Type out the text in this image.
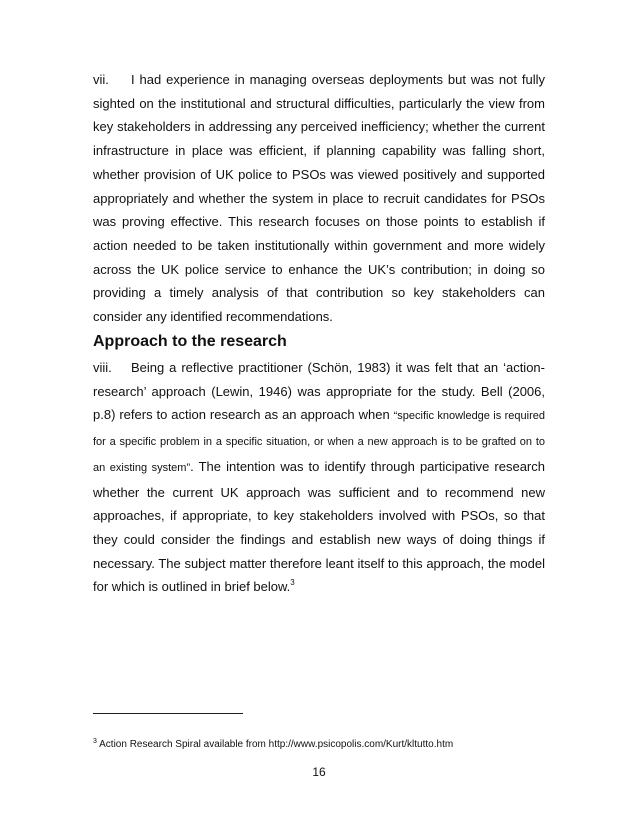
vii. I had experience in managing overseas deployments but was not fully sighted on the institutional and structural difficulties, particularly the view from key stakeholders in addressing any perceived inefficiency; whether the current infrastructure in place was efficient, if planning capability was falling short, whether provision of UK police to PSOs was viewed positively and supported appropriately and whether the system in place to recruit candidates for PSOs was proving effective. This research focuses on those points to establish if action needed to be taken institutionally within government and more widely across the UK police service to enhance the UK’s contribution; in doing so providing a timely analysis of that contribution so key stakeholders can consider any identified recommendations.

Approach to the research

viii. Being a reflective practitioner (Schön, 1983) it was felt that an ‘action-research’ approach (Lewin, 1946) was appropriate for the study. Bell (2006, p.8) refers to action research as an approach when “specific knowledge is required for a specific problem in a specific situation, or when a new approach is to be grafted on to an existing system”. The intention was to identify through participative research whether the current UK approach was sufficient and to recommend new approaches, if appropriate, to key stakeholders involved with PSOs, so that they could consider the findings and establish new ways of doing things if necessary. The subject matter therefore leant itself to this approach, the model for which is outlined in brief below.$^3$

$^3$ Action Research Spiral available from http://www.psicopolis.com/Kurt/kltutto.htm
16
